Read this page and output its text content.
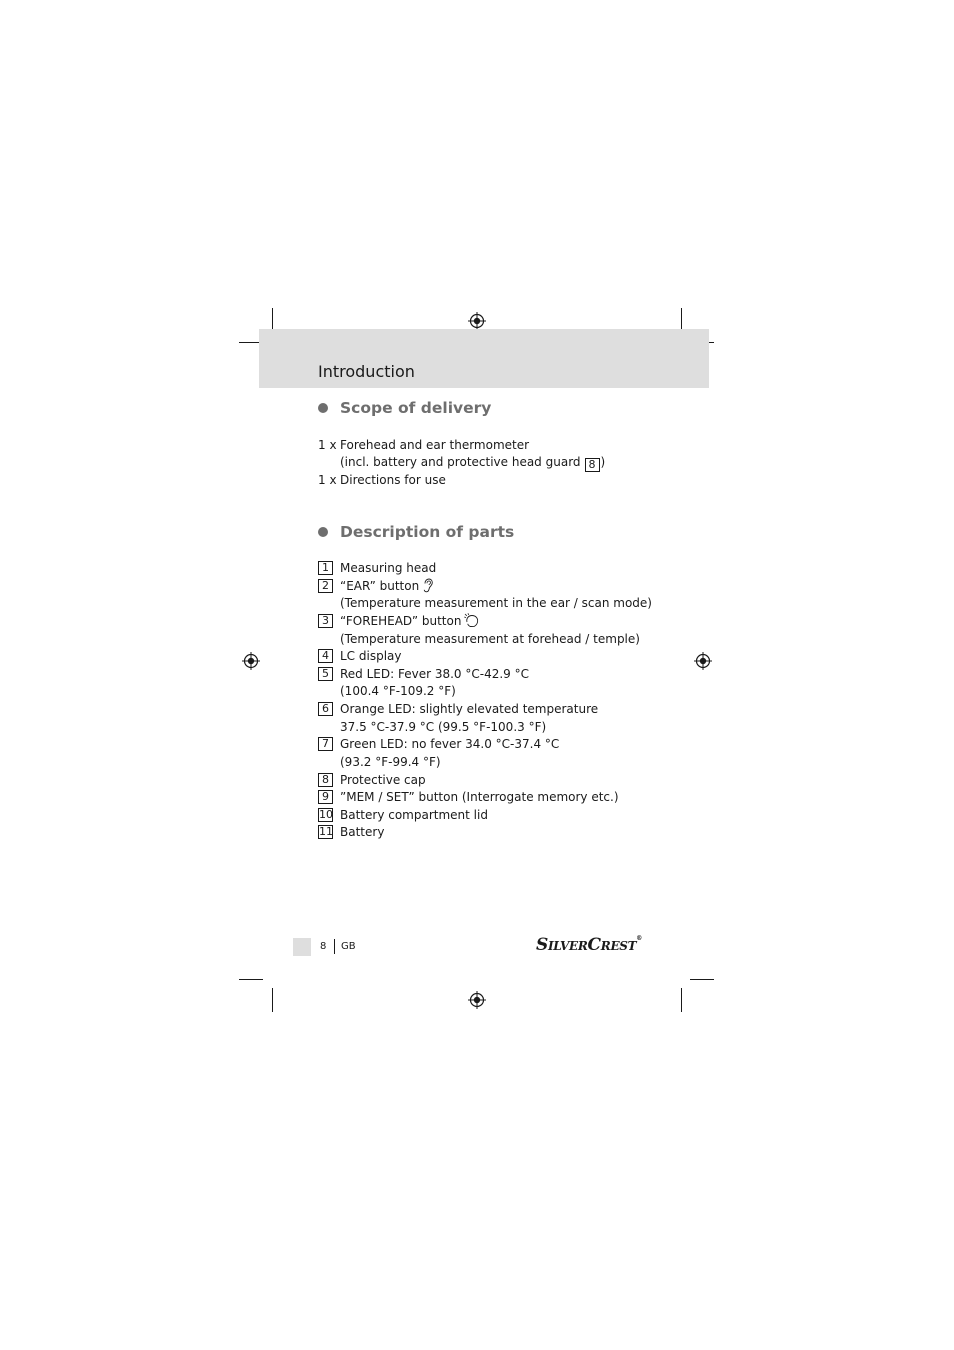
Introduction
Scope of delivery
1 x Forehead and ear thermometer
(incl. battery and protective head guard 8 )
1 x Directions for use
Description of parts
1 Measuring head
2 “EAR” button
(Temperature measurement in the ear / scan mode)
3 “FOREHEAD” button
(Temperature measurement at forehead / temple)
4 LC display
5 Red LED: Fever 38.0 °C-42.9 °C
(100.4 °F-109.2 °F)
6 Orange LED: slightly elevated temperature
37.5 °C-37.9 °C (99.5 °F-100.3 °F)
7 Green LED: no fever 34.0 °C-37.4 °C
(93.2 °F-99.4 °F)
8 Protective cap
9 ”MEM / SET” button (Interrogate memory etc.)
10 Battery compartment lid
11 Battery
8 GB	SILVERCREST®
